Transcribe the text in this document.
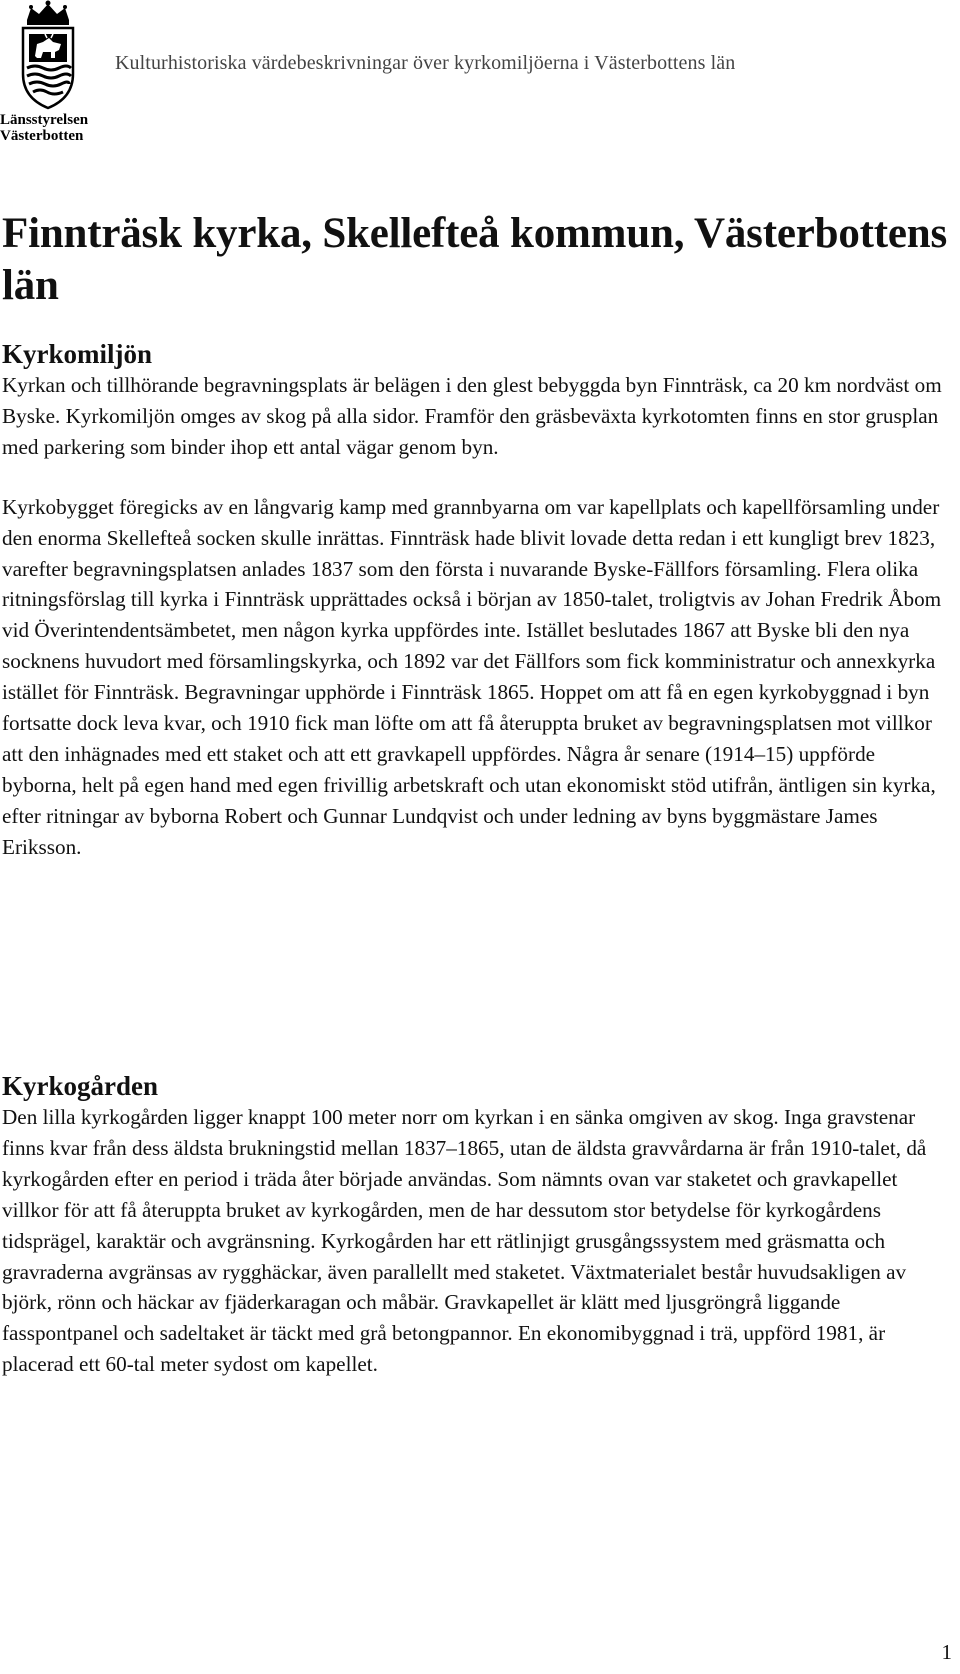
Länsstyrelsen
Västerbotten
Kulturhistoriska värdebeskrivningar över kyrkomiljöerna i Västerbottens län
Finnträsk kyrka, Skellefteå kommun, Västerbottens län
Kyrkomiljön

Kyrkan och tillhörande begravningsplats är belägen i den glest bebyggda byn Finnträsk, ca 20 km nordväst om Byske. Kyrkomiljön omges av skog på alla sidor. Framför den gräsbeväxta kyrkotomten finns en stor grusplan med parkering som binder ihop ett antal vägar genom byn.

Kyrkobygget föregicks av en långvarig kamp med grannbyarna om var kapellplats och kapellförsamling under den enorma Skellefteå socken skulle inrättas. Finnträsk hade blivit lovade detta redan i ett kungligt brev 1823, varefter begravningsplatsen anlades 1837 som den första i nuvarande Byske-Fällfors församling. Flera olika ritningsförslag till kyrka i Finnträsk upprättades också i början av 1850-talet, troligtvis av Johan Fredrik Åbom vid Överintendentsämbetet, men någon kyrka uppfördes inte. Istället beslutades 1867 att Byske bli den nya socknens huvudort med församlingskyrka, och 1892 var det Fällfors som fick komministratur och annexkyrka istället för Finnträsk. Begravningar upphörde i Finnträsk 1865. Hoppet om att få en egen kyrkobyggnad i byn fortsatte dock leva kvar, och 1910 fick man löfte om att få återuppta bruket av begravningsplatsen mot villkor att den inhägnades med ett staket och att ett gravkapell uppfördes. Några år senare (1914–15) uppförde byborna, helt på egen hand med egen frivillig arbetskraft och utan ekonomiskt stöd utifrån, äntligen sin kyrka, efter ritningar av byborna Robert och Gunnar Lundqvist och under ledning av byns byggmästare James Eriksson.

Kyrkogården

Den lilla kyrkogården ligger knappt 100 meter norr om kyrkan i en sänka omgiven av skog. Inga gravstenar finns kvar från dess äldsta brukningstid mellan 1837–1865, utan de äldsta gravvårdarna är från 1910-talet, då kyrkogården efter en period i träda åter började användas. Som nämnts ovan var staketet och gravkapellet villkor för att få återuppta bruket av kyrkogården, men de har dessutom stor betydelse för kyrkogårdens tidsprägel, karaktär och avgränsning. Kyrkogården har ett rätlinjigt grusgångssystem med gräsmatta och gravraderna avgränsas av rygghäckar, även parallellt med staketet. Växtmaterialet består huvudsakligen av björk, rönn och häckar av fjäderkaragan och måbär. Gravkapellet är klätt med ljusgröngrå liggande fasspontpanel och sadeltaket är täckt med grå betongpannor. En ekonomibyggnad i trä, uppförd 1981, är placerad ett 60-tal meter sydost om kapellet.

1
